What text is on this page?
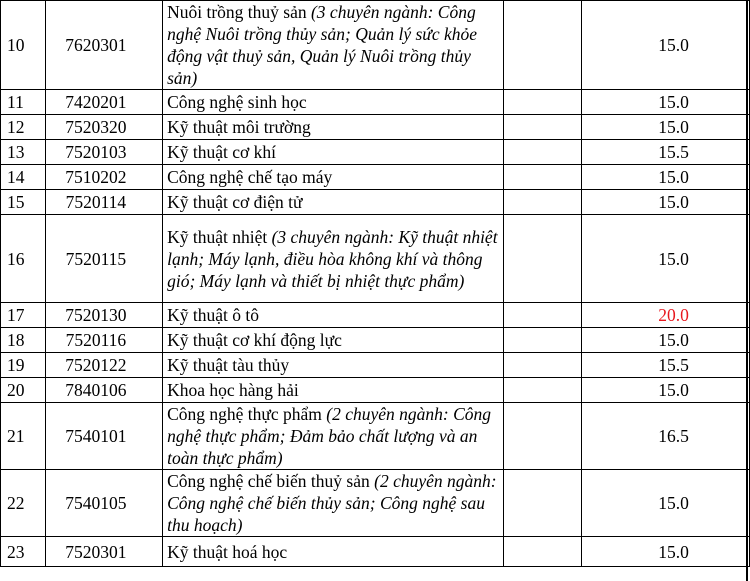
10	7620301	Nuôi trồng thuỷ sản (3 chuyên ngành: Công nghệ Nuôi trồng thủy sản; Quản lý sức khỏe động vật thuỷ sản, Quản lý Nuôi trồng thủy sản)		15.0
11	7420201	Công nghệ sinh học		15.0
12	7520320	Kỹ thuật môi trường		15.0
13	7520103	Kỹ thuật cơ khí		15.5
14	7510202	Công nghệ chế tạo máy		15.0
15	7520114	Kỹ thuật cơ điện tử		15.0
16	7520115	Kỹ thuật nhiệt (3 chuyên ngành: Kỹ thuật nhiệt lạnh; Máy lạnh, điều hòa không khí và thông gió; Máy lạnh và thiết bị nhiệt thực phẩm)		15.0
17	7520130	Kỹ thuật ô tô		20.0
18	7520116	Kỹ thuật cơ khí động lực		15.0
19	7520122	Kỹ thuật tàu thủy		15.5
20	7840106	Khoa học hàng hải		15.0
21	7540101	Công nghệ thực phẩm (2 chuyên ngành: Công nghệ thực phẩm; Đảm bảo chất lượng và an toàn thực phẩm)		16.5
22	7540105	Công nghệ chế biến thuỷ sản (2 chuyên ngành: Công nghệ chế biến thủy sản; Công nghệ sau thu hoạch)		15.0
23	7520301	Kỹ thuật hoá học		15.0
